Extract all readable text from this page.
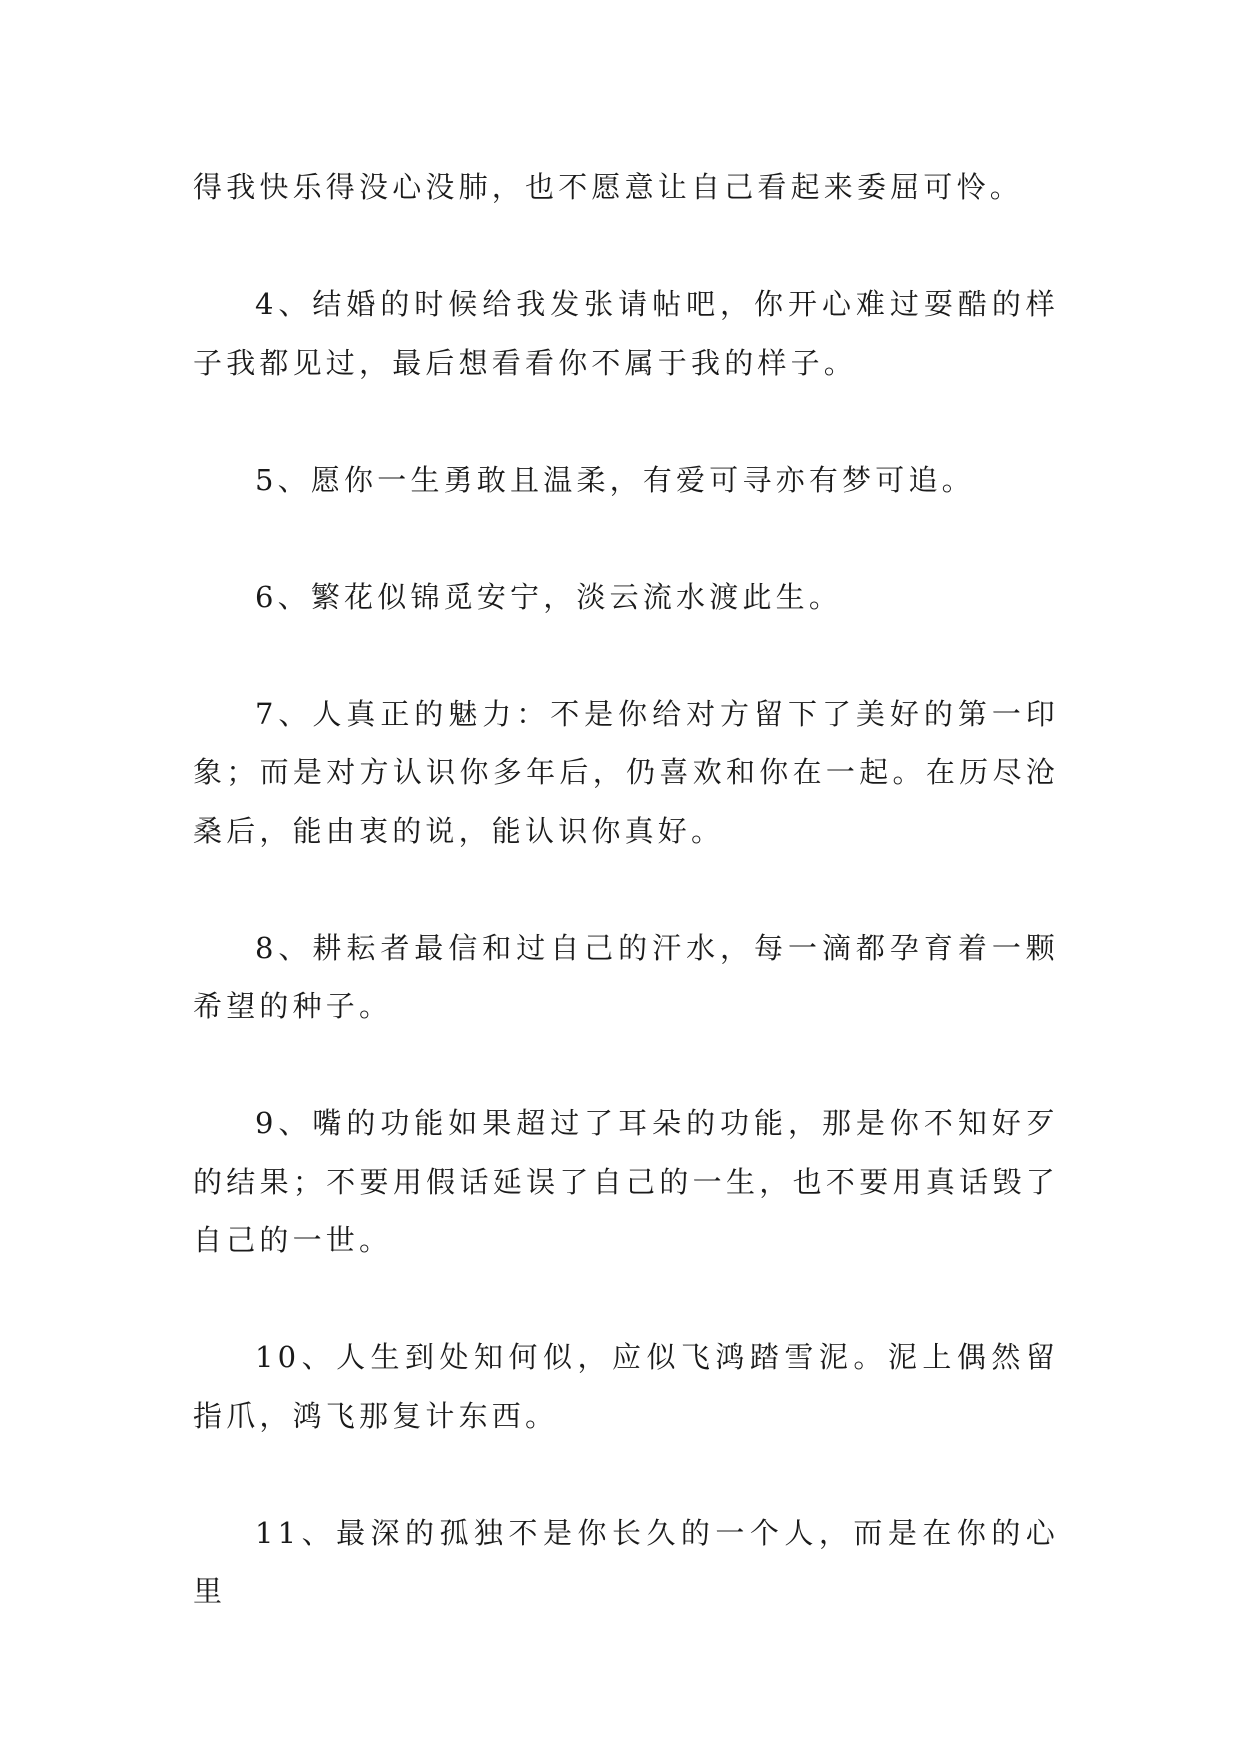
得我快乐得没心没肺，也不愿意让自己看起来委屈可怜。

4、结婚的时候给我发张请帖吧，你开心难过耍酷的样子我都见过，最后想看看你不属于我的样子。

5、愿你一生勇敢且温柔，有爱可寻亦有梦可追。

6、繁花似锦觅安宁，淡云流水渡此生。

7、人真正的魅力：不是你给对方留下了美好的第一印象；而是对方认识你多年后，仍喜欢和你在一起。在历尽沧桑后，能由衷的说，能认识你真好。

8、耕耘者最信和过自己的汗水，每一滴都孕育着一颗希望的种子。

9、嘴的功能如果超过了耳朵的功能，那是你不知好歹的结果；不要用假话延误了自己的一生，也不要用真话毁了自己的一世。

10、人生到处知何似，应似飞鸿踏雪泥。泥上偶然留指爪，鸿飞那复计东西。

11、最深的孤独不是你长久的一个人，而是在你的心里
